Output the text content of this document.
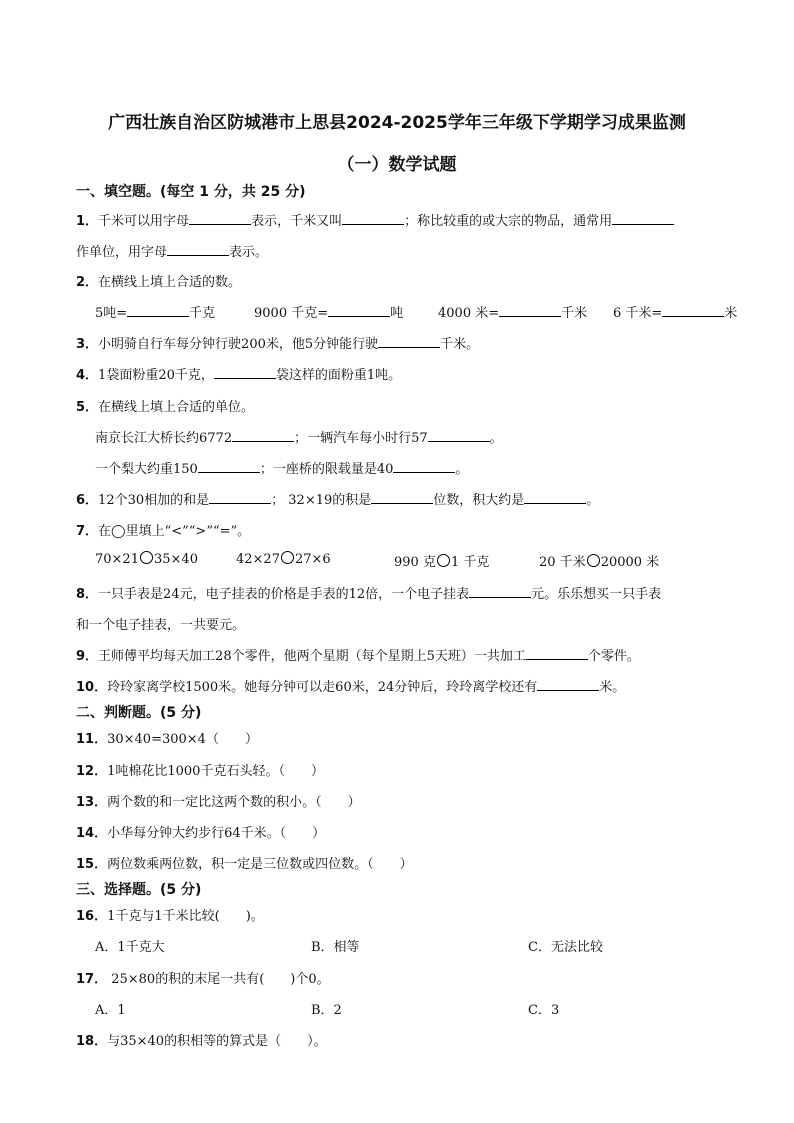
广西壮族自治区防城港市上思县2024-2025学年三年级下学期学习成果监测
（一）数学试题
一、填空题。(每空 1 分，共 25 分)
1．千米可以用字母	表示，千米又叫	；称比较重的或大宗的物品，通常用
作单位，用字母	表示。
2．在横线上填上合适的数。
5吨=	千克	9000 千克=	吨	4000 米=	千米 6 千米=	米
3．小明骑自行车每分钟行驶200米，他5分钟能行驶	千米。
4．1袋面粉重20千克，	袋这样的面粉重1吨。
5．在横线上填上合适的单位。
南京长江大桥长约6772	；一辆汽车每小时行57	。
一个梨大约重150	；一座桥的限载量是40	。
6．12个30相加的和是	； 32×19的积是	位数，积大约是	。
7．在◯里填上“<”“>”“=”。
70×21 35×40	42×27 27×6	990 克 1 千克	20 千米 20000 米
8．一只手表是24元，电子挂表的价格是手表的12倍，一个电子挂表	元。乐乐想买一只手表
和一个电子挂表，一共要元。
9．王师傅平均每天加工28个零件，他两个星期（每个星期上5天班）一共加工	个零件。
10．玲玲家离学校1500米。她每分钟可以走60米，24分钟后，玲玲离学校还有	米。
二、判断题。(5 分)
11．30×40=300×4（　　）
12．1吨棉花比1000千克石头轻。（　　）
13．两个数的和一定比这两个数的积小。（　　）
14．小华每分钟大约步行64千米。（　　）
15．两位数乘两位数，积一定是三位数或四位数。（　　）
三、选择题。(5 分)
16．1千克与1千米比较(　　)。
A．1千克大	B．相等	C．无法比较
17． 25×80的积的末尾一共有(　　)个0。
A．1	B．2	C．3
18．与35×40的积相等的算式是（　　）。
